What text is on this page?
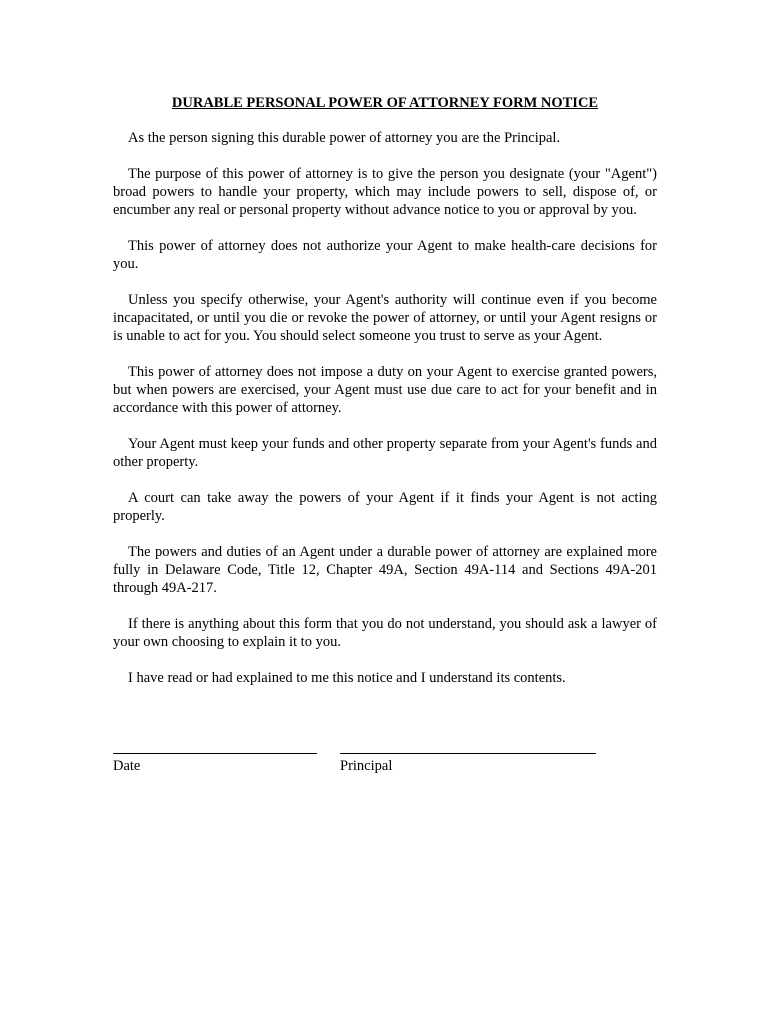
DURABLE PERSONAL POWER OF ATTORNEY FORM NOTICE

As the person signing this durable power of attorney you are the Principal.

The purpose of this power of attorney is to give the person you designate (your "Agent") broad powers to handle your property, which may include powers to sell, dispose of, or encumber any real or personal property without advance notice to you or approval by you.

This power of attorney does not authorize your Agent to make health-care decisions for you.

Unless you specify otherwise, your Agent's authority will continue even if you become incapacitated, or until you die or revoke the power of attorney, or until your Agent resigns or is unable to act for you. You should select someone you trust to serve as your Agent.

This power of attorney does not impose a duty on your Agent to exercise granted powers, but when powers are exercised, your Agent must use due care to act for your benefit and in accordance with this power of attorney.

Your Agent must keep your funds and other property separate from your Agent's funds and other property.

A court can take away the powers of your Agent if it finds your Agent is not acting properly.

The powers and duties of an Agent under a durable power of attorney are explained more fully in Delaware Code, Title 12, Chapter 49A, Section 49A-114 and Sections 49A-201 through 49A-217.

If there is anything about this form that you do not understand, you should ask a lawyer of your own choosing to explain it to you.

I have read or had explained to me this notice and I understand its contents.

Date	Principal
